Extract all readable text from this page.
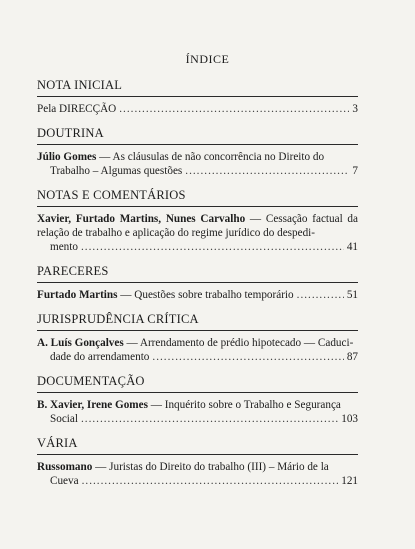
ÍNDICE
NOTA INICIAL
Pela DIRECÇÃO .....	3
DOUTRINA
Júlio Gomes — As cláusulas de não concorrência no Direito do
Trabalho – Algumas questões .....	7
NOTAS E COMENTÁRIOS
Xavier, Furtado Martins, Nunes Carvalho — Cessação factual da relação de trabalho e aplicação do regime jurídico do despedi-
mento .....	41
PARECERES
Furtado Martins — Questões sobre trabalho temporário .....	51
JURISPRUDÊNCIA CRÍTICA
A. Luís Gonçalves — Arrendamento de prédio hipotecado — Caduci-
dade do arrendamento .....	87
DOCUMENTAÇÃO
B. Xavier, Irene Gomes — Inquérito sobre o Trabalho e Segurança
Social .....	103
VÁRIA
Russomano — Juristas do Direito do trabalho (III) – Mário de la
Cueva .....	121
